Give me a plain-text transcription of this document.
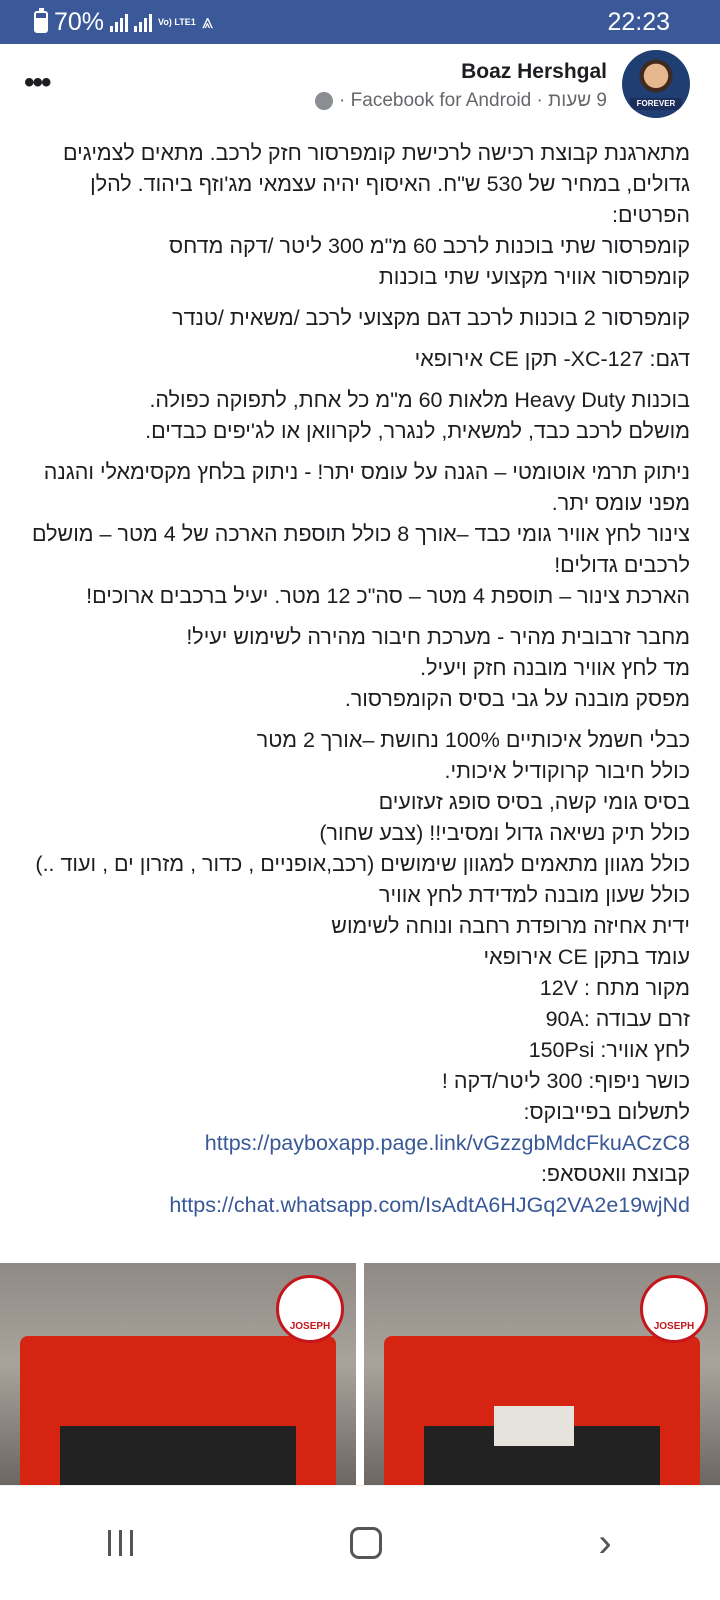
70%	Vo) LTE1 ⩓	22:23
FOREVER
Boaz Hershgal
9 שעות · Facebook for Android ·
•••

מתארגנת קבוצת רכישה לרכישת קומפרסור חזק לרכב. מתאים לצמיגים גדולים, במחיר של 530 ש"ח. האיסוף יהיה עצמאי מג'וזף ביהוד. להלן הפרטים:
קומפרסור שתי בוכנות לרכב 60 מ"מ 300 ליטר /דקה מדחס
קומפרסור אוויר מקצועי שתי בוכנות

קומפרסור 2 בוכנות לרכב דגם מקצועי לרכב /משאית /טנדר

דגם: XC-127- תקן CE אירופאי

בוכנות Heavy Duty מלאות 60 מ"מ כל אחת, לתפוקה כפולה.
מושלם לרכב כבד, למשאית, לנגרר, לקרוואן או לג'יפים כבדים.

ניתוק תרמי אוטומטי – הגנה על עומס יתר! - ניתוק בלחץ מקסימאלי והגנה מפני עומס יתר.
צינור לחץ אוויר גומי כבד –אורך 8 כולל תוספת הארכה של 4 מטר – מושלם לרכבים גדולים!
הארכת צינור – תוספת 4 מטר – סה"כ 12 מטר. יעיל ברכבים ארוכים!

מחבר זרבובית מהיר - מערכת חיבור מהירה לשימוש יעיל!
מד לחץ אוויר מובנה חזק ויעיל.
מפסק מובנה על גבי בסיס הקומפרסור.

כבלי חשמל איכותיים 100% נחושת –אורך 2 מטר
כולל חיבור קרוקודיל איכותי.
בסיס גומי קשה, בסיס סופג זעזועים
כולל תיק נשיאה גדול ומסיבי!! (צבע שחור)
כולל מגוון מתאמים למגוון שימושים (רכב,אופניים , כדור , מזרון ים , ועוד ..)
כולל שעון מובנה למדידת לחץ אוויר
ידית אחיזה מרופדת רחבה ונוחה לשימוש
עומד בתקן CE אירופאי
מקור מתח : 12V
זרם עבודה :90A
לחץ אוויר: 150Psi
כושר ניפוף: 300 ליטר/דקה !
לתשלום בפייבוקס:
https://payboxapp.page.link/vGzzgbMdcFkuACzC8
קבוצת וואטסאפ:
https://chat.whatsapp.com/IsAdtA6HJGq2VA2e19wjNd

JOSEPH	JOSEPH
›
